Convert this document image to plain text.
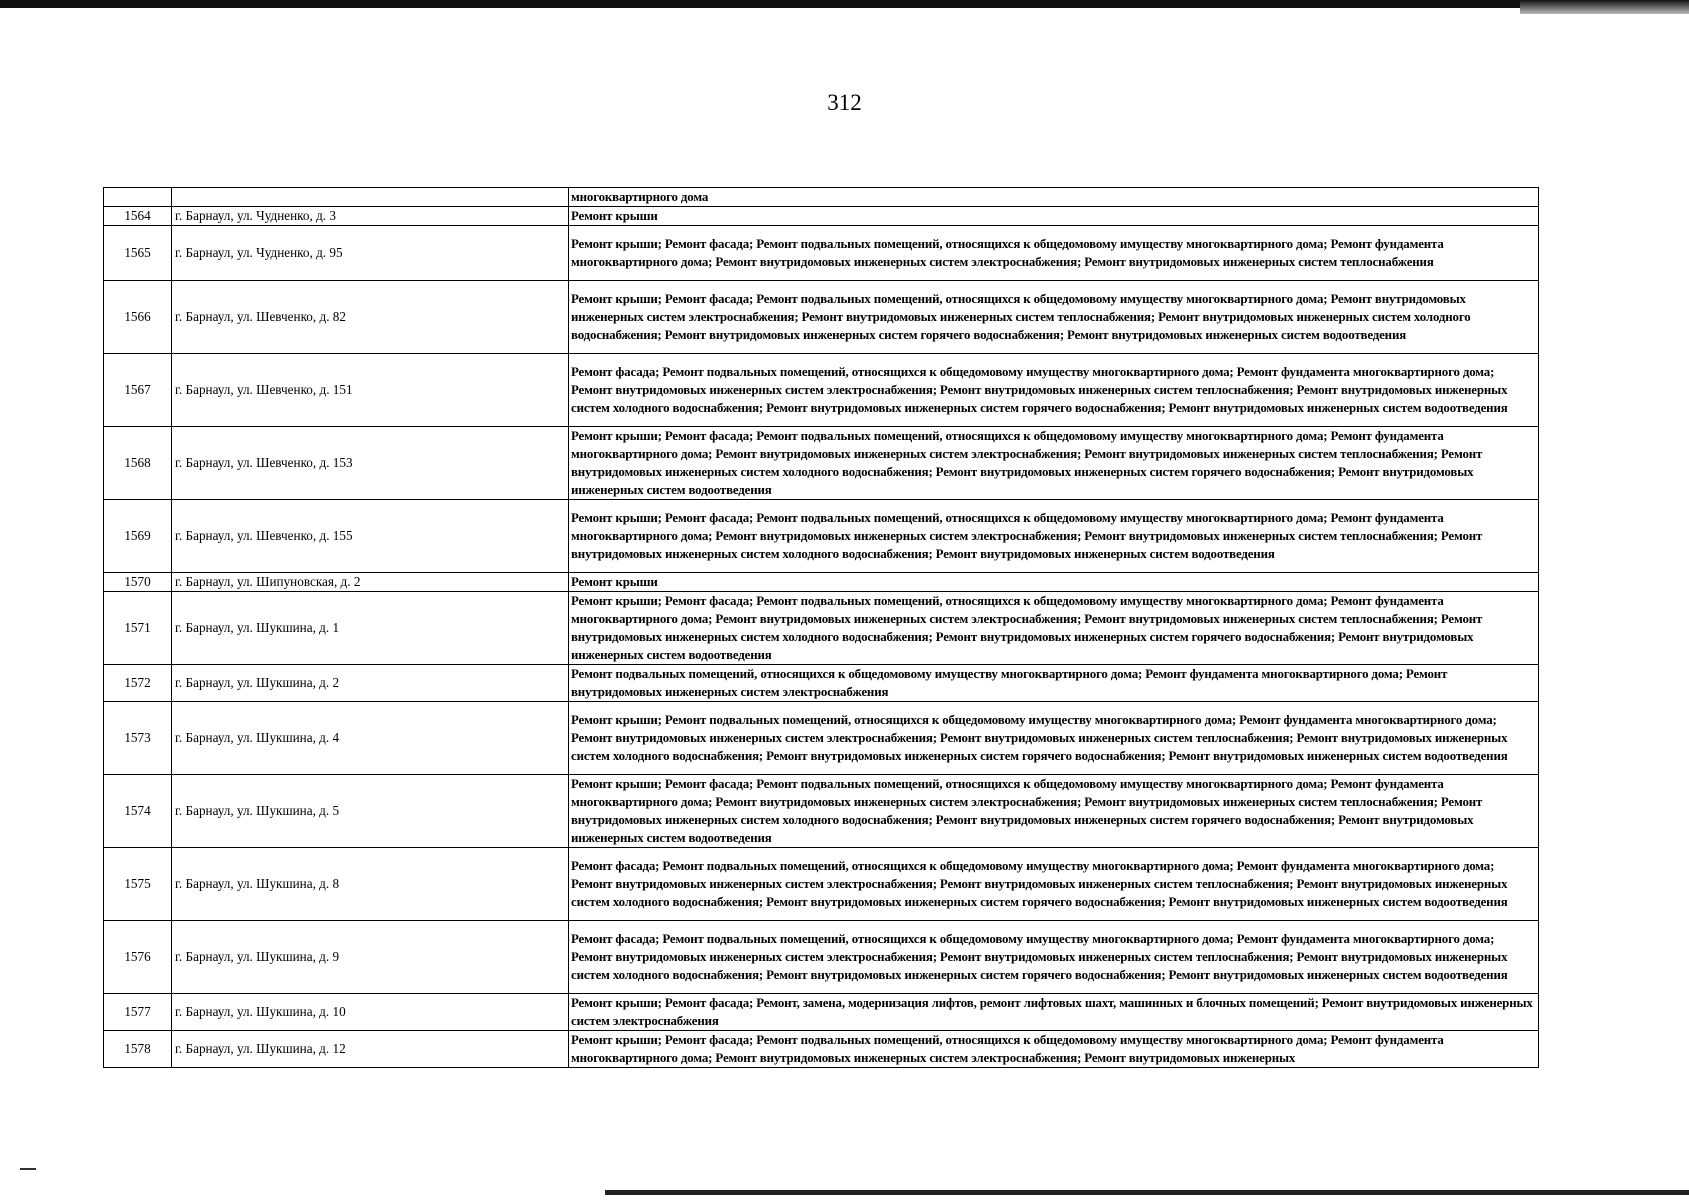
312
		многоквартирного дома
1564	г. Барнаул, ул. Чудненко, д. 3	Ремонт крыши
1565	г. Барнаул, ул. Чудненко, д. 95	Ремонт крыши; Ремонт фасада; Ремонт подвальных помещений, относящихся к общедомовому имуществу многоквартирного дома; Ремонт фундамента многоквартирного дома; Ремонт внутридомовых инженерных систем электроснабжения; Ремонт внутридомовых инженерных систем теплоснабжения
1566	г. Барнаул, ул. Шевченко, д. 82	Ремонт крыши; Ремонт фасада; Ремонт подвальных помещений, относящихся к общедомовому имуществу многоквартирного дома; Ремонт внутридомовых инженерных систем электроснабжения; Ремонт внутридомовых инженерных систем теплоснабжения; Ремонт внутридомовых инженерных систем холодного водоснабжения; Ремонт внутридомовых инженерных систем горячего водоснабжения; Ремонт внутридомовых инженерных систем водоотведения
1567	г. Барнаул, ул. Шевченко, д. 151	Ремонт фасада; Ремонт подвальных помещений, относящихся к общедомовому имуществу многоквартирного дома; Ремонт фундамента многоквартирного дома; Ремонт внутридомовых инженерных систем электроснабжения; Ремонт внутридомовых инженерных систем теплоснабжения; Ремонт внутридомовых инженерных систем холодного водоснабжения; Ремонт внутридомовых инженерных систем горячего водоснабжения; Ремонт внутридомовых инженерных систем водоотведения
1568	г. Барнаул, ул. Шевченко, д. 153	Ремонт крыши; Ремонт фасада; Ремонт подвальных помещений, относящихся к общедомовому имуществу многоквартирного дома; Ремонт фундамента многоквартирного дома; Ремонт внутридомовых инженерных систем электроснабжения; Ремонт внутридомовых инженерных систем теплоснабжения; Ремонт внутридомовых инженерных систем холодного водоснабжения; Ремонт внутридомовых инженерных систем горячего водоснабжения; Ремонт внутридомовых инженерных систем водоотведения
1569	г. Барнаул, ул. Шевченко, д. 155	Ремонт крыши; Ремонт фасада; Ремонт подвальных помещений, относящихся к общедомовому имуществу многоквартирного дома; Ремонт фундамента многоквартирного дома; Ремонт внутридомовых инженерных систем электроснабжения; Ремонт внутридомовых инженерных систем теплоснабжения; Ремонт внутридомовых инженерных систем холодного водоснабжения; Ремонт внутридомовых инженерных систем водоотведения
1570	г. Барнаул, ул. Шипуновская, д. 2	Ремонт крыши
1571	г. Барнаул, ул. Шукшина, д. 1	Ремонт крыши; Ремонт фасада; Ремонт подвальных помещений, относящихся к общедомовому имуществу многоквартирного дома; Ремонт фундамента многоквартирного дома; Ремонт внутридомовых инженерных систем электроснабжения; Ремонт внутридомовых инженерных систем теплоснабжения; Ремонт внутридомовых инженерных систем холодного водоснабжения; Ремонт внутридомовых инженерных систем горячего водоснабжения; Ремонт внутридомовых инженерных систем водоотведения
1572	г. Барнаул, ул. Шукшина, д. 2	Ремонт подвальных помещений, относящихся к общедомовому имуществу многоквартирного дома; Ремонт фундамента многоквартирного дома; Ремонт внутридомовых инженерных систем электроснабжения
1573	г. Барнаул, ул. Шукшина, д. 4	Ремонт крыши; Ремонт подвальных помещений, относящихся к общедомовому имуществу многоквартирного дома; Ремонт фундамента многоквартирного дома; Ремонт внутридомовых инженерных систем электроснабжения; Ремонт внутридомовых инженерных систем теплоснабжения; Ремонт внутридомовых инженерных систем холодного водоснабжения; Ремонт внутридомовых инженерных систем горячего водоснабжения; Ремонт внутридомовых инженерных систем водоотведения
1574	г. Барнаул, ул. Шукшина, д. 5	Ремонт крыши; Ремонт фасада; Ремонт подвальных помещений, относящихся к общедомовому имуществу многоквартирного дома; Ремонт фундамента многоквартирного дома; Ремонт внутридомовых инженерных систем электроснабжения; Ремонт внутридомовых инженерных систем теплоснабжения; Ремонт внутридомовых инженерных систем холодного водоснабжения; Ремонт внутридомовых инженерных систем горячего водоснабжения; Ремонт внутридомовых инженерных систем водоотведения
1575	г. Барнаул, ул. Шукшина, д. 8	Ремонт фасада; Ремонт подвальных помещений, относящихся к общедомовому имуществу многоквартирного дома; Ремонт фундамента многоквартирного дома; Ремонт внутридомовых инженерных систем электроснабжения; Ремонт внутридомовых инженерных систем теплоснабжения; Ремонт внутридомовых инженерных систем холодного водоснабжения; Ремонт внутридомовых инженерных систем горячего водоснабжения; Ремонт внутридомовых инженерных систем водоотведения
1576	г. Барнаул, ул. Шукшина, д. 9	Ремонт фасада; Ремонт подвальных помещений, относящихся к общедомовому имуществу многоквартирного дома; Ремонт фундамента многоквартирного дома; Ремонт внутридомовых инженерных систем электроснабжения; Ремонт внутридомовых инженерных систем теплоснабжения; Ремонт внутридомовых инженерных систем холодного водоснабжения; Ремонт внутридомовых инженерных систем горячего водоснабжения; Ремонт внутридомовых инженерных систем водоотведения
1577	г. Барнаул, ул. Шукшина, д. 10	Ремонт крыши; Ремонт фасада; Ремонт, замена, модернизация лифтов, ремонт лифтовых шахт, машинных и блочных помещений; Ремонт внутридомовых инженерных систем электроснабжения
1578	г. Барнаул, ул. Шукшина, д. 12	Ремонт крыши; Ремонт фасада; Ремонт подвальных помещений, относящихся к общедомовому имуществу многоквартирного дома; Ремонт фундамента многоквартирного дома; Ремонт внутридомовых инженерных систем электроснабжения; Ремонт внутридомовых инженерных
